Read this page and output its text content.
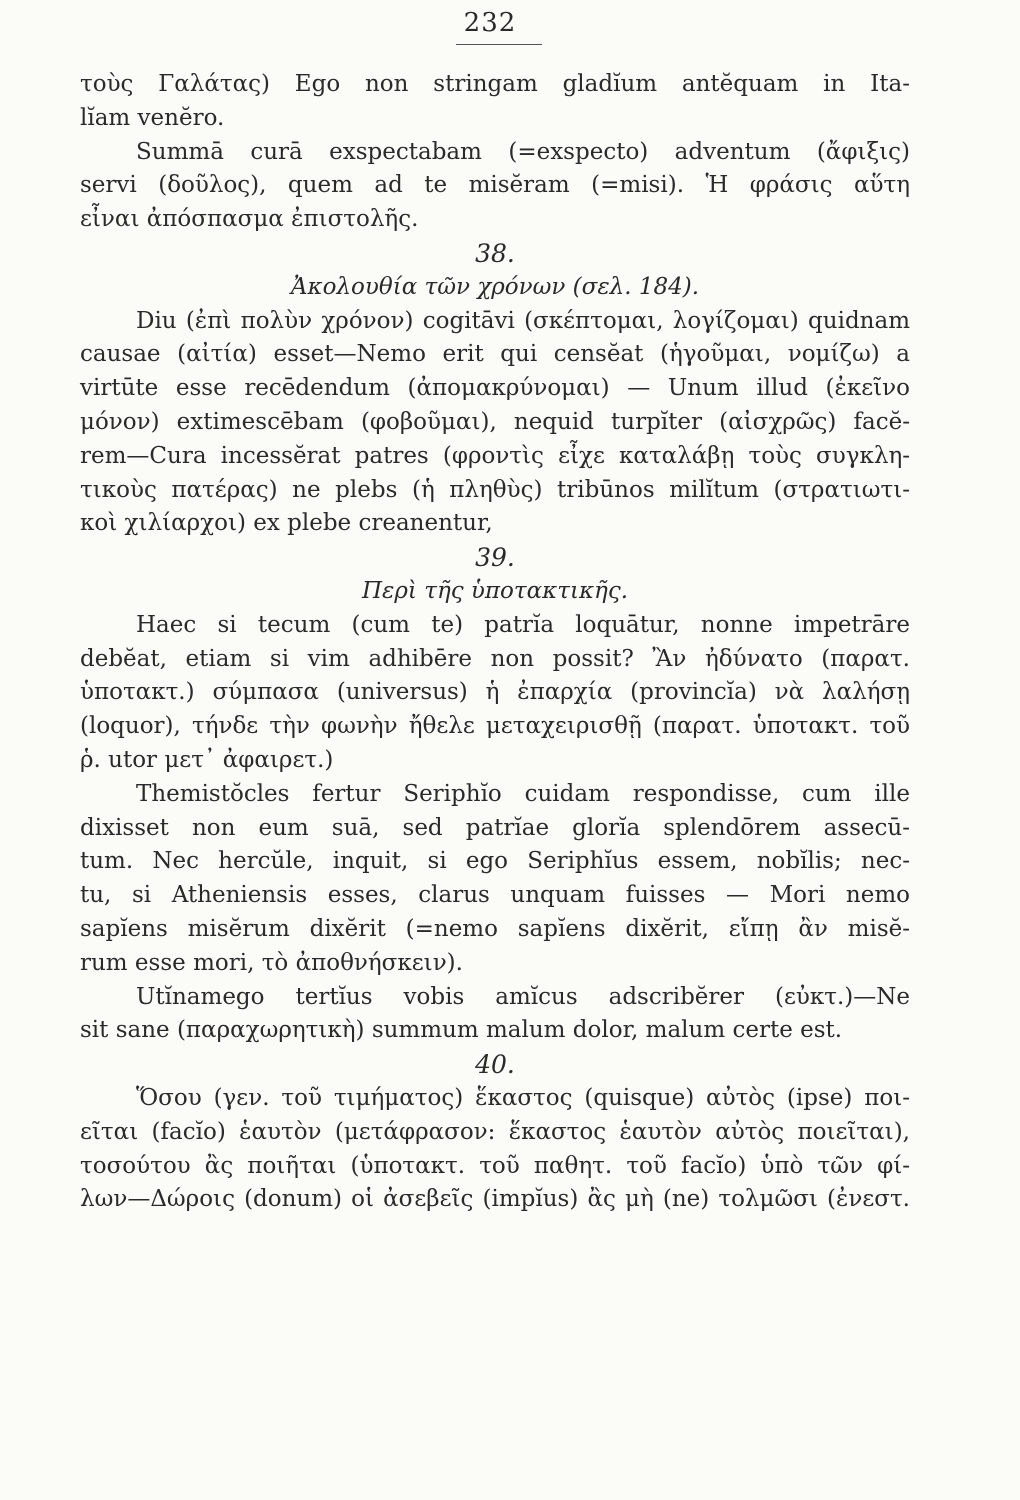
232
τοὺς Γαλάτας) Ego non stringam gladĭum antĕquam in Ita-
lĭam venĕro.
Summā curā exspectabam (=exspecto) adventum (ἄφιξις)
servi (δοῦλος), quem ad te misĕram (=misi). Ἡ φράσις αὕτη
εἶναι ἀπόσπασμα ἐπιστολῆς.
38.
Ἀκολουθία τῶν χρόνων (σελ. 184).
Diu (ἐπὶ πολὺν χρόνον) cogitāvi (σκέπτομαι, λογίζομαι) quidnam
causae (αἰτία) esset—Nemo erit qui censĕat (ἡγοῦμαι, νομίζω) a
virtūte esse recēdendum (ἀπομακρύνομαι) — Unum illud (ἐκεῖνο
μόνον) extimescēbam (φοβοῦμαι), nequid turpĭter (αἰσχρῶς) facĕ-
rem—Cura incessĕrat patres (φροντὶς εἶχε καταλάβῃ τοὺς συγκλη-
τικοὺς πατέρας) ne plebs (ἡ πληθὺς) tribūnos milĭtum (στρατιωτι-
κοὶ χιλίαρχοι) ex plebe creanentur,
39.
Περὶ τῆς ὑποτακτικῆς.
Haec si tecum (cum te) patrĭa loquātur, nonne impetrāre
debĕat, etiam si vim adhibēre non possit? Ἂν ἠδύνατο (παρατ.
ὑποτακτ.) σύμπασα (universus) ἡ ἐπαρχία (provincĭa) νὰ λαλήσῃ
(loquor), τήνδε τὴν φωνὴν ἤθελε μεταχειρισθῇ (παρατ. ὑποτακτ. τοῦ
ῥ. utor μετ᾽ ἀφαιρετ.)
Themistŏcles fertur Seriphĭo cuidam respondisse, cum ille
dixisset non eum suā, sed patrĭae glorĭa splendōrem assecū-
tum. Nec hercŭle, inquit, si ego Seriphĭus essem, nobĭlis; nec-
tu, si Atheniensis esses, clarus unquam fuisses — Mori nemo
sapĭens misĕrum dixĕrit (=nemo sapĭens dixĕrit, εἴπῃ ἂν misĕ-
rum esse mori, τὸ ἀποθνήσκειν).
Utĭnamego tertĭus vobis amĭcus adscribĕrer (εὐκτ.)—Ne
sit sane (παραχωρητικὴ) summum malum dolor, malum certe est.
40.
Ὅσου (γεν. τοῦ τιμήματος) ἕκαστος (quisque) αὐτὸς (ipse) ποι-
εῖται (facĭo) ἑαυτὸν (μετάφρασον: ἕκαστος ἑαυτὸν αὐτὸς ποιεῖται),
τοσούτου ἂς ποιῆται (ὑποτακτ. τοῦ παθητ. τοῦ facĭo) ὑπὸ τῶν φί-
λων—Δώροις (donum) οἱ ἀσεβεῖς (impĭus) ἂς μὴ (ne) τολμῶσι (ἐνεστ.
